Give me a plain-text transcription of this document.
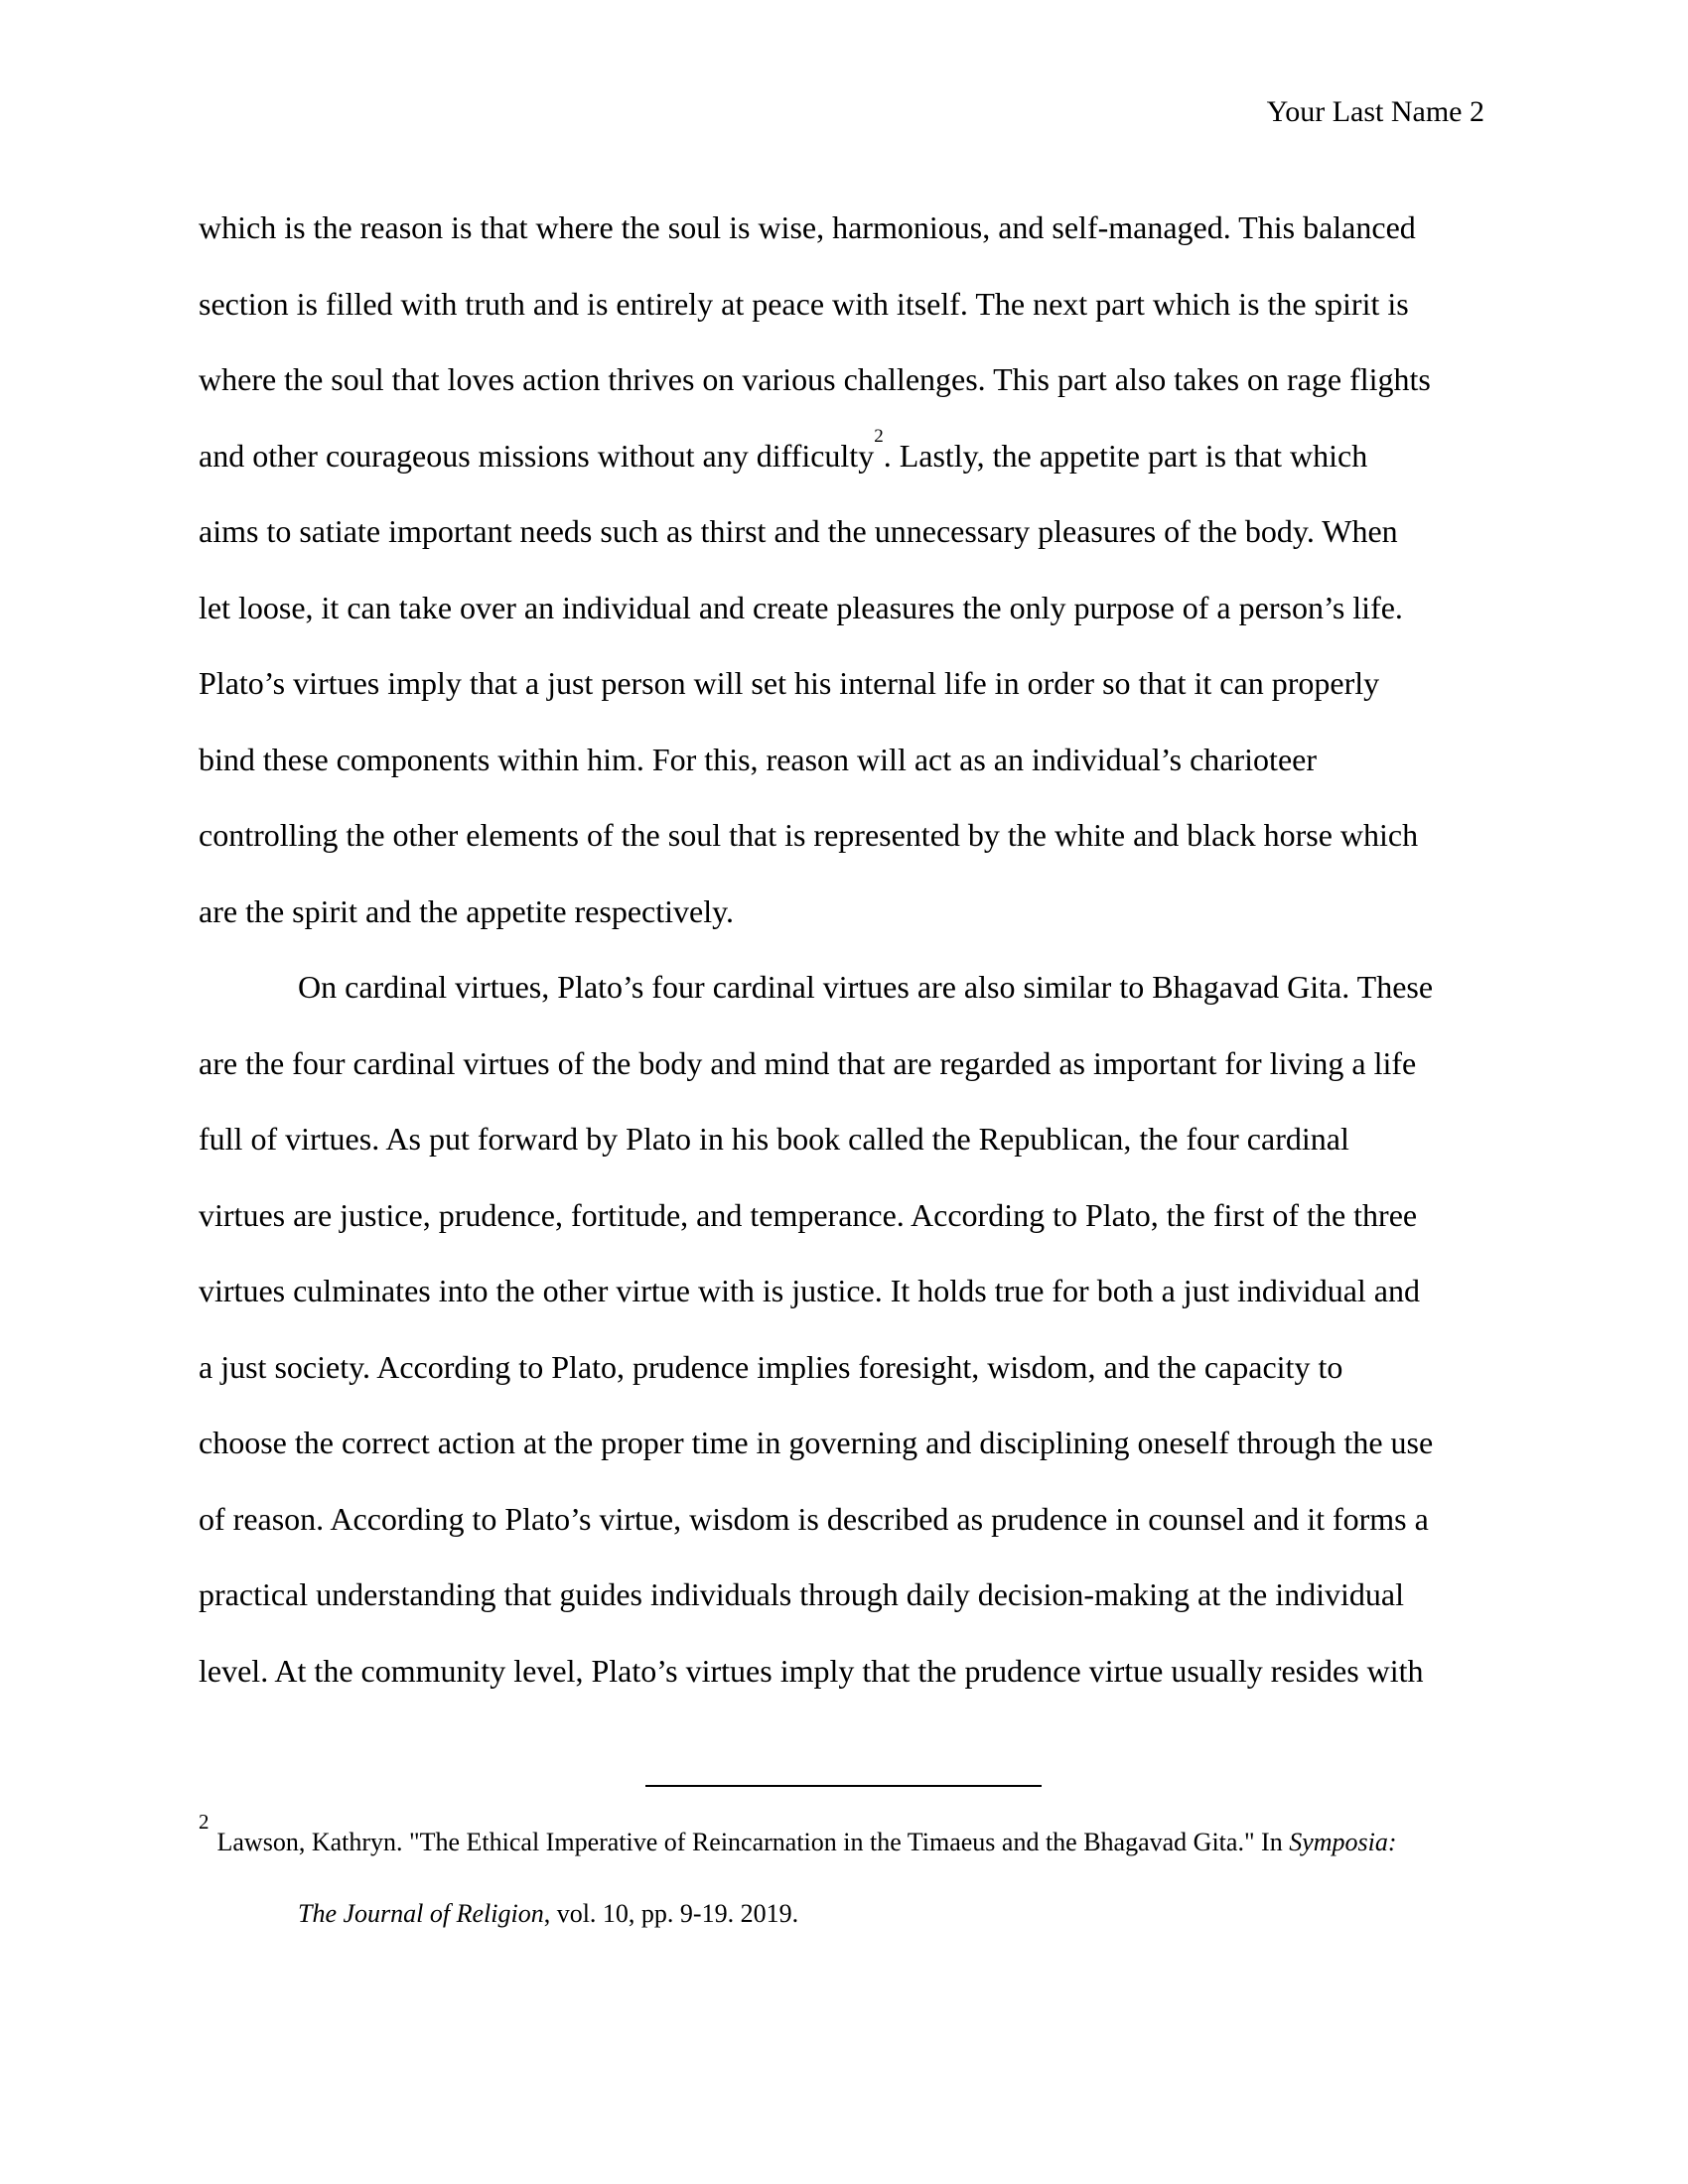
Your Last Name 2
which is the reason is that where the soul is wise, harmonious, and self-managed. This balanced
section is filled with truth and is entirely at peace with itself. The next part which is the spirit is
where the soul that loves action thrives on various challenges. This part also takes on rage flights
and other courageous missions without any difficulty$^2$. Lastly, the appetite part is that which
aims to satiate important needs such as thirst and the unnecessary pleasures of the body. When
let loose, it can take over an individual and create pleasures the only purpose of a person’s life.
Plato’s virtues imply that a just person will set his internal life in order so that it can properly
bind these components within him. For this, reason will act as an individual’s charioteer
controlling the other elements of the soul that is represented by the white and black horse which
are the spirit and the appetite respectively.
On cardinal virtues, Plato’s four cardinal virtues are also similar to Bhagavad Gita. These
are the four cardinal virtues of the body and mind that are regarded as important for living a life
full of virtues. As put forward by Plato in his book called the Republican, the four cardinal
virtues are justice, prudence, fortitude, and temperance. According to Plato, the first of the three
virtues culminates into the other virtue with is justice. It holds true for both a just individual and
a just society. According to Plato, prudence implies foresight, wisdom, and the capacity to
choose the correct action at the proper time in governing and disciplining oneself through the use
of reason. According to Plato’s virtue, wisdom is described as prudence in counsel and it forms a
practical understanding that guides individuals through daily decision-making at the individual
level. At the community level, Plato’s virtues imply that the prudence virtue usually resides with
$^2$Lawson, Kathryn. "The Ethical Imperative of Reincarnation in the Timaeus and the Bhagavad Gita." In Symposia:
The Journal of Religion, vol. 10, pp. 9-19. 2019.
